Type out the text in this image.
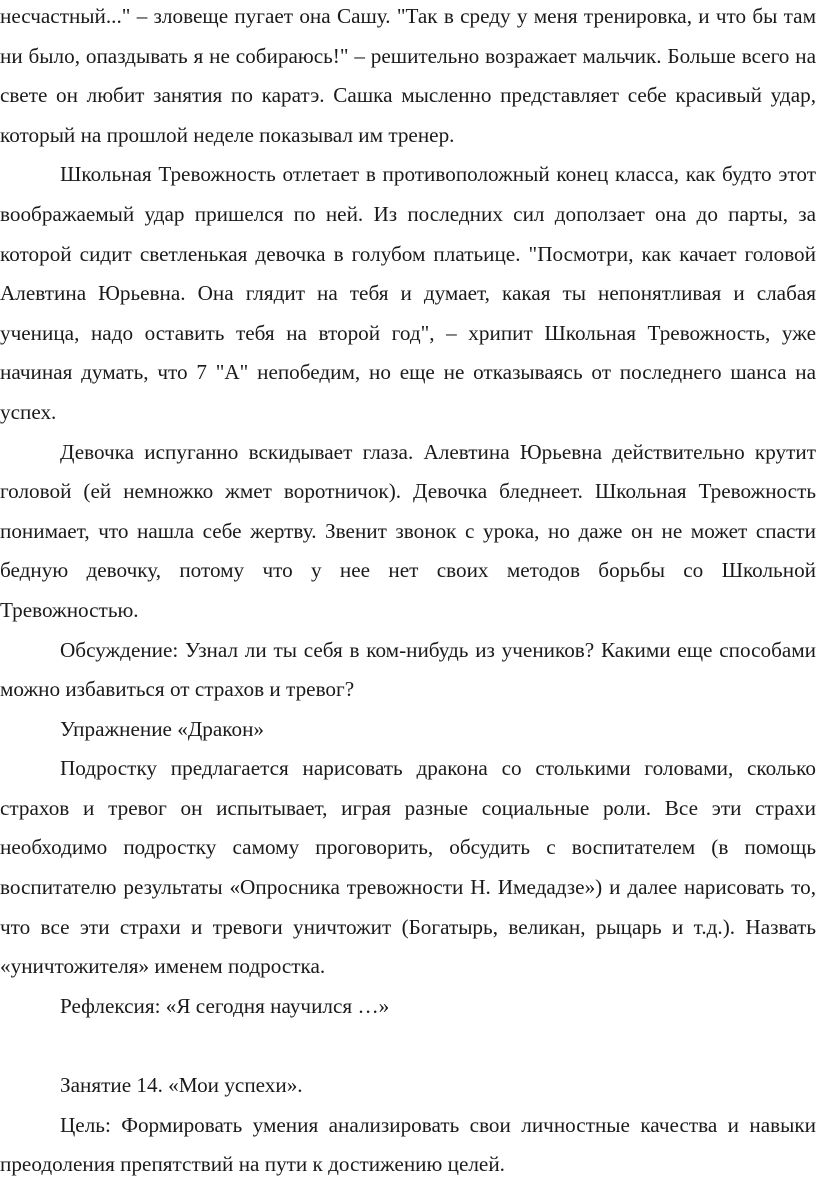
несчастный..." – зловеще пугает она Сашу. "Так в среду у меня тренировка, и что бы там ни было, опаздывать я не собираюсь!" – решительно возражает мальчик. Больше всего на свете он любит занятия по каратэ. Сашка мысленно представляет себе красивый удар, который на прошлой неделе показывал им тренер.

Школьная Тревожность отлетает в противоположный конец класса, как будто этот воображаемый удар пришелся по ней. Из последних сил доползает она до парты, за которой сидит светленькая девочка в голубом платьице. "Посмотри, как качает головой Алевтина Юрьевна. Она глядит на тебя и думает, какая ты непонятливая и слабая ученица, надо оставить тебя на второй год", – хрипит Школьная Тревожность, уже начиная думать, что 7 "А" непобедим, но еще не отказываясь от последнего шанса на успех.

Девочка испуганно вскидывает глаза. Алевтина Юрьевна действительно крутит головой (ей немножко жмет воротничок). Девочка бледнеет. Школьная Тревожность понимает, что нашла себе жертву. Звенит звонок с урока, но даже он не может спасти бедную девочку, потому что у нее нет своих методов борьбы со Школьной Тревожностью.

Обсуждение: Узнал ли ты себя в ком-нибудь из учеников? Какими еще способами можно избавиться от страхов и тревог?

Упражнение «Дракон»

Подростку предлагается нарисовать дракона со столькими головами, сколько страхов и тревог он испытывает, играя разные социальные роли. Все эти страхи необходимо подростку самому проговорить, обсудить с воспитателем (в помощь воспитателю результаты «Опросника тревожности Н. Имедадзе») и далее нарисовать то, что все эти страхи и тревоги уничтожит (Богатырь, великан, рыцарь и т.д.). Назвать «уничтожителя» именем подростка.

Рефлексия: «Я сегодня научился …»

Занятие 14. «Мои успехи».

Цель: Формировать умения анализировать свои личностные качества и навыки преодоления препятствий на пути к достижению целей.
